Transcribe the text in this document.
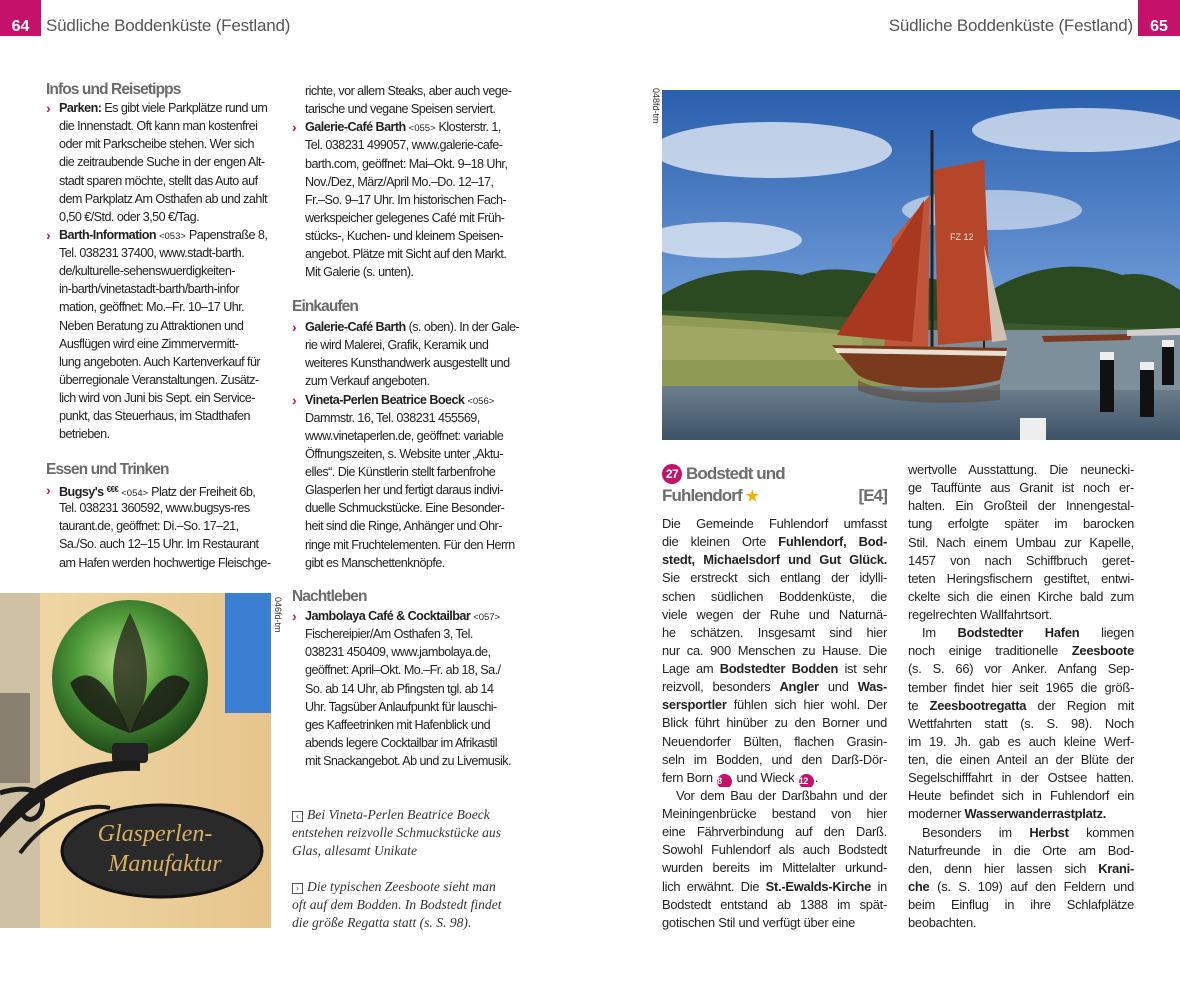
64 Südliche Boddenküste (Festland)	Südliche Boddenküste (Festland) 65
Infos und Reisetipps
› Parken: Es gibt viele Parkplätze rund um
die Innenstadt. Oft kann man kostenfrei
oder mit Parkscheibe stehen. Wer sich
die zeitraubende Suche in der engen Alt-
stadt sparen möchte, stellt das Auto auf
dem Parkplatz Am Osthafen ab und zahlt
0,50 €/Std. oder 3,50 €/Tag.
› Barth-Information <053> Papenstraße 8,
Tel. 038231 37400, www.stadt-barth.
de/kulturelle-sehenswuerdigkeiten-
in-barth/vinetastadt-barth/barth-infor
mation, geöffnet: Mo.–Fr. 10–17 Uhr.
Neben Beratung zu Attraktionen und
Ausflügen wird eine Zimmervermitt-
lung angeboten. Auch Kartenverkauf für
überregionale Veranstaltungen. Zusätz-
lich wird von Juni bis Sept. ein Service-
punkt, das Steuerhaus, im Stadthafen
betrieben.
Essen und Trinken
› Bugsy's €€€ <054> Platz der Freiheit 6b,
Tel. 038231 360592, www.bugsys-res
taurant.de, geöffnet: Di.–So. 17–21,
Sa./So. auch 12–15 Uhr. Im Restaurant
am Hafen werden hochwertige Fleischge-
Glasperlen-
Manufaktur
046fd-tm
richte, vor allem Steaks, aber auch vege-
tarische und vegane Speisen serviert.
› Galerie-Café Barth <055> Klosterstr. 1,
Tel. 038231 499057, www.galerie-cafe-
barth.com, geöffnet: Mai–Okt. 9–18 Uhr,
Nov./Dez, März/April Mo.–Do. 12–17,
Fr.–So. 9–17 Uhr. Im historischen Fach-
werkspeicher gelegenes Café mit Früh-
stücks-, Kuchen- und kleinem Speisen-
angebot. Plätze mit Sicht auf den Markt.
Mit Galerie (s. unten).
Einkaufen
› Galerie-Café Barth (s. oben). In der Gale-
rie wird Malerei, Grafik, Keramik und
weiteres Kunsthandwerk ausgestellt und
zum Verkauf angeboten.
› Vineta-Perlen Beatrice Boeck <056>
Dammstr. 16, Tel. 038231 455569,
www.vinetaperlen.de, geöffnet: variable
Öffnungszeiten, s. Website unter „Aktu-
elles“. Die Künstlerin stellt farbenfrohe
Glasperlen her und fertigt daraus indivi-
duelle Schmuckstücke. Eine Besonder-
heit sind die Ringe, Anhänger und Ohr-
ringe mit Fruchtelementen. Für den Herrn
gibt es Manschettenknöpfe.
Nachtleben
› Jambolaya Café & Cocktailbar <057>
Fischereipier/Am Osthafen 3, Tel.
038231 450409, www.jambolaya.de,
geöffnet: April–Okt. Mo.–Fr. ab 18, Sa./
So. ab 14 Uhr, ab Pfingsten tgl. ab 14
Uhr. Tagsüber Anlaufpunkt für lauschi-
ges Kaffeetrinken mit Hafenblick und
abends legere Cocktailbar im Afrikastil
mit Snackangebot. Ab und zu Livemusik.
‹ Bei Vineta-Perlen Beatrice Boeck
entstehen reizvolle Schmuckstücke aus
Glas, allesamt Unikate
› Die typischen Zeesboote sieht man
oft auf dem Bodden. In Bodstedt findet
die größe Regatta statt (s. S. 98).
048fd-tm
FZ 12
27 Bodstedt und
Fuhlendorf ★	[E4]
Die Gemeinde Fuhlendorf umfasst
die kleinen Orte Fuhlendorf, Bod-
stedt, Michaelsdorf und Gut Glück.
Sie erstreckt sich entlang der idylli-
schen südlichen Boddenküste, die
viele wegen der Ruhe und Naturnä-
he schätzen. Insgesamt sind hier
nur ca. 900 Menschen zu Hause. Die
Lage am Bodstedter Bodden ist sehr
reizvoll, besonders Angler und Was-
sersportler fühlen sich hier wohl. Der
Blick führt hinüber zu den Borner und
Neuendorfer Bülten, flachen Grasin-
seln im Bodden, und den Darß-Dör-
fern Born 8 und Wieck 12 .
Vor dem Bau der Darßbahn und der
Meiningenbrücke bestand von hier
eine Fährverbindung auf den Darß.
Sowohl Fuhlendorf als auch Bodstedt
wurden bereits im Mittelalter urkund-
lich erwähnt. Die St.-Ewalds-Kirche in
Bodstedt entstand ab 1388 im spät-
gotischen Stil und verfügt über eine
wertvolle Ausstattung. Die neunecki-
ge Tauffünte aus Granit ist noch er-
halten. Ein Großteil der Innengestal-
tung erfolgte später im barocken
Stil. Nach einem Umbau zur Kapelle,
1457 von nach Schiffbruch geret-
teten Heringsfischern gestiftet, entwi-
ckelte sich die einen Kirche bald zum
regelrechten Wallfahrtsort.
Im Bodstedter Hafen liegen
noch einige traditionelle Zeesboote
(s. S. 66) vor Anker. Anfang Sep-
tember findet hier seit 1965 die größ-
te Zeesbootregatta der Region mit
Wettfahrten statt (s. S. 98). Noch
im 19. Jh. gab es auch kleine Werf-
ten, die einen Anteil an der Blüte der
Segelschifffahrt in der Ostsee hatten.
Heute befindet sich in Fuhlendorf ein
moderner Wasserwanderrastplatz.
Besonders im Herbst kommen
Naturfreunde in die Orte am Bod-
den, denn hier lassen sich Krani-
che (s. S. 109) auf den Feldern und
beim Einflug in ihre Schlafplätze
beobachten.
